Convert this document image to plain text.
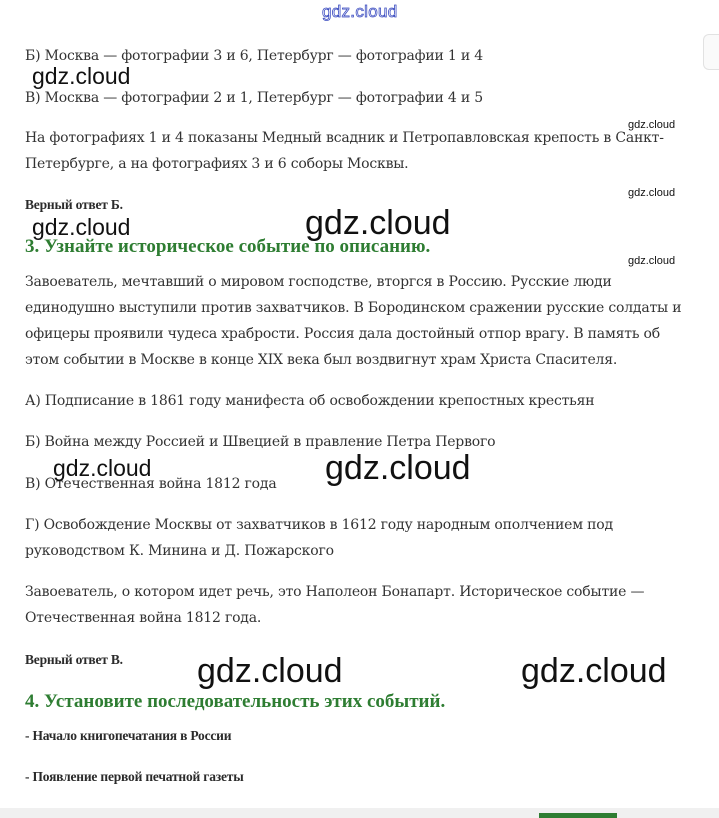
gdz.cloud

Б) Москва — фотографии 3 и 6, Петербург — фотографии 1 и 4

В) Москва — фотографии 2 и 1, Петербург — фотографии 4 и 5

На фотографиях 1 и 4 показаны Медный всадник и Петропавловская крепость в Санкт-

Петербурге, а на фотографиях 3 и 6 соборы Москвы.

Верный ответ Б.

3. Узнайте историческое событие по описанию.

Завоеватель, мечтавший о мировом господстве, вторгся в Россию. Русские люди

единодушно выступили против захватчиков. В Бородинском сражении русские солдаты и

офицеры проявили чудеса храбрости. Россия дала достойный отпор врагу. В память об

этом событии в Москве в конце XIX века был воздвигнут храм Христа Спасителя.

А) Подписание в 1861 году манифеста об освобождении крепостных крестьян

Б) Война между Россией и Швецией в правление Петра Первого

В) Отечественная война 1812 года

Г) Освобождение Москвы от захватчиков в 1612 году народным ополчением под

руководством К. Минина и Д. Пожарского

Завоеватель, о котором идет речь, это Наполеон Бонапарт. Историческое событие —

Отечественная война 1812 года.

Верный ответ В.

4. Установите последовательность этих событий.

- Начало книгопечатания в России

- Появление первой печатной газеты

gdz.cloud
gdz.cloud
gdz.cloud
gdz.cloud	gdz.cloud
gdz.cloud
gdz.cloud	gdz.cloud
gdz.cloud	gdz.cloud
